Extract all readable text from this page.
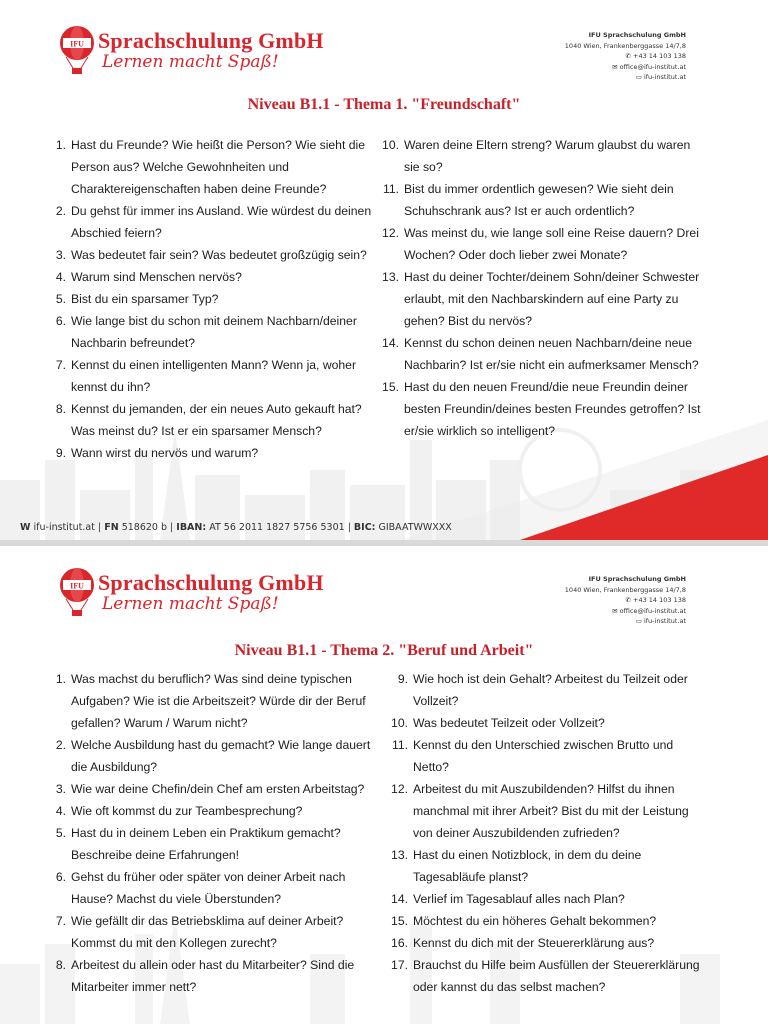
IFU Sprachschulung GmbH
Lernen macht Spaß!
IFU Sprachschulung GmbH
1040 Wien, Frankenberggasse 14/7,8
✆ +43 14 103 138
✉ office@ifu-institut.at
▭ ifu-institut.at
Niveau B1.1 - Thema 1. "Freundschaft"
1. Hast du Freunde? Wie heißt die Person? Wie sieht die Person aus? Welche Gewohnheiten und Charaktereigenschaften haben deine Freunde?
2. Du gehst für immer ins Ausland. Wie würdest du deinen Abschied feiern?
3. Was bedeutet fair sein? Was bedeutet großzügig sein?
4. Warum sind Menschen nervös?
5. Bist du ein sparsamer Typ?
6. Wie lange bist du schon mit deinem Nachbarn/deiner Nachbarin befreundet?
7. Kennst du einen intelligenten Mann? Wenn ja, woher kennst du ihn?
8. Kennst du jemanden, der ein neues Auto gekauft hat? Was meinst du? Ist er ein sparsamer Mensch?
9. Wann wirst du nervös und warum?
10. Waren deine Eltern streng? Warum glaubst du waren sie so?
11. Bist du immer ordentlich gewesen? Wie sieht dein Schuhschrank aus? Ist er auch ordentlich?
12. Was meinst du, wie lange soll eine Reise dauern? Drei Wochen? Oder doch lieber zwei Monate?
13. Hast du deiner Tochter/deinem Sohn/deiner Schwester erlaubt, mit den Nachbarskindern auf eine Party zu gehen? Bist du nervös?
14. Kennst du schon deinen neuen Nachbarn/deine neue Nachbarin? Ist er/sie nicht ein aufmerksamer Mensch?
15. Hast du den neuen Freund/die neue Freundin deiner besten Freundin/deines besten Freundes getroffen? Ist er/sie wirklich so intelligent?
W ifu-institut.at | FN 518620 b | IBAN: AT 56 2011 1827 5756 5301 | BIC: GIBAATWWXXX
IFU Sprachschulung GmbH
Lernen macht Spaß!
IFU Sprachschulung GmbH
1040 Wien, Frankenberggasse 14/7,8
✆ +43 14 103 138
✉ office@ifu-institut.at
▭ ifu-institut.at
Niveau B1.1 - Thema 2. "Beruf und Arbeit"
1. Was machst du beruflich? Was sind deine typischen Aufgaben? Wie ist die Arbeitszeit? Würde dir der Beruf gefallen? Warum / Warum nicht?
2. Welche Ausbildung hast du gemacht? Wie lange dauert die Ausbildung?
3. Wie war deine Chefin/dein Chef am ersten Arbeitstag?
4. Wie oft kommst du zur Teambesprechung?
5. Hast du in deinem Leben ein Praktikum gemacht? Beschreibe deine Erfahrungen!
6. Gehst du früher oder später von deiner Arbeit nach Hause? Machst du viele Überstunden?
7. Wie gefällt dir das Betriebsklima auf deiner Arbeit? Kommst du mit den Kollegen zurecht?
8. Arbeitest du allein oder hast du Mitarbeiter? Sind die Mitarbeiter immer nett?
9. Wie hoch ist dein Gehalt? Arbeitest du Teilzeit oder Vollzeit?
10. Was bedeutet Teilzeit oder Vollzeit?
11. Kennst du den Unterschied zwischen Brutto und Netto?
12. Arbeitest du mit Auszubildenden? Hilfst du ihnen manchmal mit ihrer Arbeit? Bist du mit der Leistung von deiner Auszubildenden zufrieden?
13. Hast du einen Notizblock, in dem du deine Tagesabläufe planst?
14. Verlief im Tagesablauf alles nach Plan?
15. Möchtest du ein höheres Gehalt bekommen?
16. Kennst du dich mit der Steuererklärung aus?
17. Brauchst du Hilfe beim Ausfüllen der Steuererklärung oder kannst du das selbst machen?
